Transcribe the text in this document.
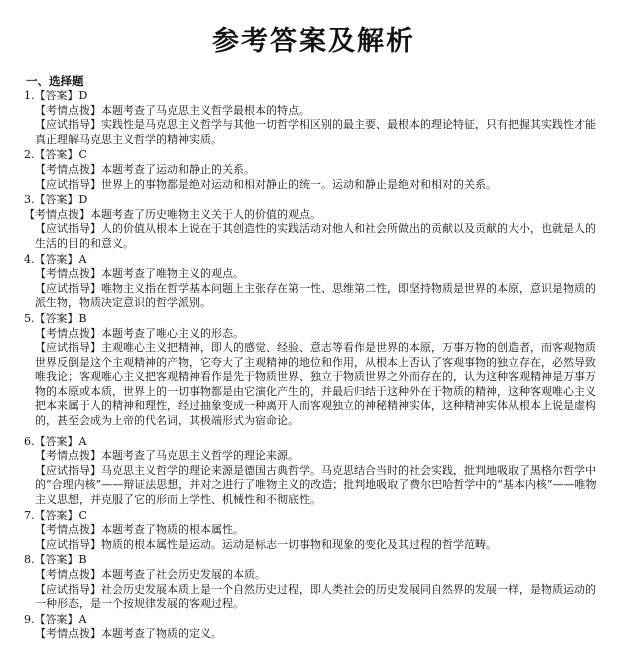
参考答案及解析
一、选择题
1.【答案】D
【考情点拨】本题考查了马克思主义哲学最根本的特点。
【应试指导】实践性是马克思主义哲学与其他一切哲学相区别的最主要、最根本的理论特征，只有把握其实践性才能真正理解马克思主义哲学的精神实质。
2.【答案】C
【考情点拨】本题考查了运动和静止的关系。
【应试指导】世界上的事物都是绝对运动和相对静止的统一。运动和静止是绝对和相对的关系。
3.【答案】D
【考情点拨】本题考查了历史唯物主义关于人的价值的观点。
【应试指导】人的价值从根本上说在于其创造性的实践活动对他人和社会所做出的贡献以及贡献的大小，也就是人的生活的目的和意义。
4.【答案】A
【考情点拨】本题考查了唯物主义的观点。
【应试指导】唯物主义指在哲学基本问题上主张存在第一性、思维第二性，即坚持物质是世界的本原，意识是物质的派生物，物质决定意识的哲学派别。
5.【答案】B
【考情点拨】本题考查了唯心主义的形态。
【应试指导】主观唯心主义把精神，即人的感觉、经验、意志等看作是世界的本原，万事万物的创造者，而客观物质世界反倒是这个主观精神的产物，它夸大了主观精神的地位和作用，从根本上否认了客观事物的独立存在，必然导致唯我论；客观唯心主义把客观精神看作是先于物质世界、独立于物质世界之外而存在的，认为这种客观精神是万事万物的本原或本质，世界上的一切事物都是由它演化产生的，并最后归结于这种外在于物质的精神，这种客观唯心主义把本来属于人的精神和理性，经过抽象变成一种离开人而客观独立的神秘精神实体，这种精神实体从根本上说是虚构的，甚至会成为上帝的代名词，其极端形式为宿命论。
6.【答案】A
【考情点拨】本题考查了马克思主义哲学的理论来源。
【应试指导】马克思主义哲学的理论来源是德国古典哲学。马克思结合当时的社会实践，批判地吸取了黑格尔哲学中的“合理内核”——辩证法思想，并对之进行了唯物主义的改造；批判地吸取了费尔巴哈哲学中的“基本内核”——唯物主义思想，并克服了它的形而上学性、机械性和不彻底性。
7.【答案】C
【考情点拨】本题考查了物质的根本属性。
【应试指导】物质的根本属性是运动。运动是标志一切事物和现象的变化及其过程的哲学范畴。
8.【答案】B
【考情点拨】本题考查了社会历史发展的本质。
【应试指导】社会历史发展本质上是一个自然历史过程，即人类社会的历史发展同自然界的发展一样，是物质运动的一种形态，是一个按规律发展的客观过程。
9.【答案】A
【考情点拨】本题考查了物质的定义。
